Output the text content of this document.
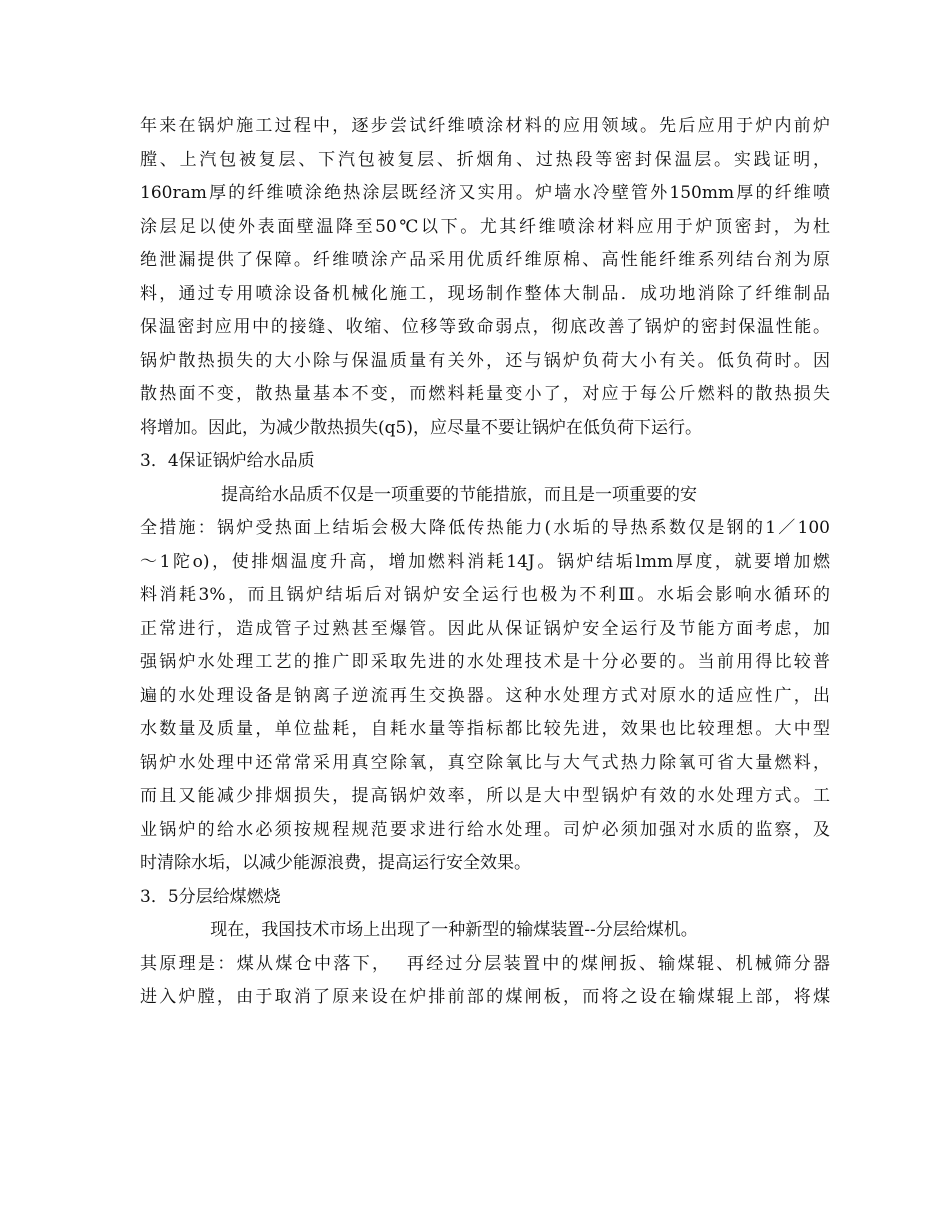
年来在锅炉施工过程中，逐步尝试纤维喷涂材料的应用领域。先后应用于炉内前炉
膛、上汽包被复层、下汽包被复层、折烟角、过热段等密封保温层。实践证明，
160ram厚的纤维喷涂绝热涂层既经济又实用。炉墙水冷壁管外150mm厚的纤维喷
涂层足以使外表面壁温降至50℃以下。尤其纤维喷涂材料应用于炉顶密封，为杜
绝泄漏提供了保障。纤维喷涂产品采用优质纤维原棉、高性能纤维系列结台剂为原
料，通过专用喷涂设备机械化施工，现场制作整体大制品．成功地消除了纤维制品
保温密封应用中的接缝、收缩、位移等致命弱点，彻底改善了锅炉的密封保温性能。
锅炉散热损失的大小除与保温质量有关外，还与锅炉负荷大小有关。低负荷时。因
散热面不变，散热量基本不变，而燃料耗量变小了，对应于每公斤燃料的散热损失
将增加。因此，为减少散热损失(q5)，应尽量不要让锅炉在低负荷下运行。
3．4保证锅炉给水品质
提高给水品质不仅是一项重要的节能措旅，而且是一项重要的安
全措施：锅炉受热面上结垢会极大降低传热能力(水垢的导热系数仅是钢的1／100
～1陀o)，使排烟温度升高，增加燃料消耗14J。锅炉结垢lmm厚度，就要增加燃
料消耗3%，而且锅炉结垢后对锅炉安全运行也极为不利Ⅲ。水垢会影响水循环的
正常进行，造成管子过熟甚至爆管。因此从保证锅炉安全运行及节能方面考虑，加
强锅炉水处理工艺的推广即采取先进的水处理技术是十分必要的。当前用得比较普
遍的水处理设备是钠离子逆流再生交换器。这种水处理方式对原水的适应性广，出
水数量及质量，单位盐耗，自耗水量等指标都比较先进，效果也比较理想。大中型
锅炉水处理中还常常采用真空除氧，真空除氧比与大气式热力除氧可省大量燃料，
而且又能减少排烟损失，提高锅炉效率，所以是大中型锅炉有效的水处理方式。工
业锅炉的给水必须按规程规范要求进行给水处理。司炉必须加强对水质的监察，及
时清除水垢，以减少能源浪费，提高运行安全效果。
3．5分层给煤燃烧
现在，我国技术市场上出现了一种新型的输煤装置--分层给煤机。
其原理是：煤从煤仓中落下，  再经过分层装置中的煤闸扳、输煤辊、机械筛分器
进入炉膛，由于取消了原来设在炉排前部的煤闸板，而将之设在输煤辊上部，将煤
